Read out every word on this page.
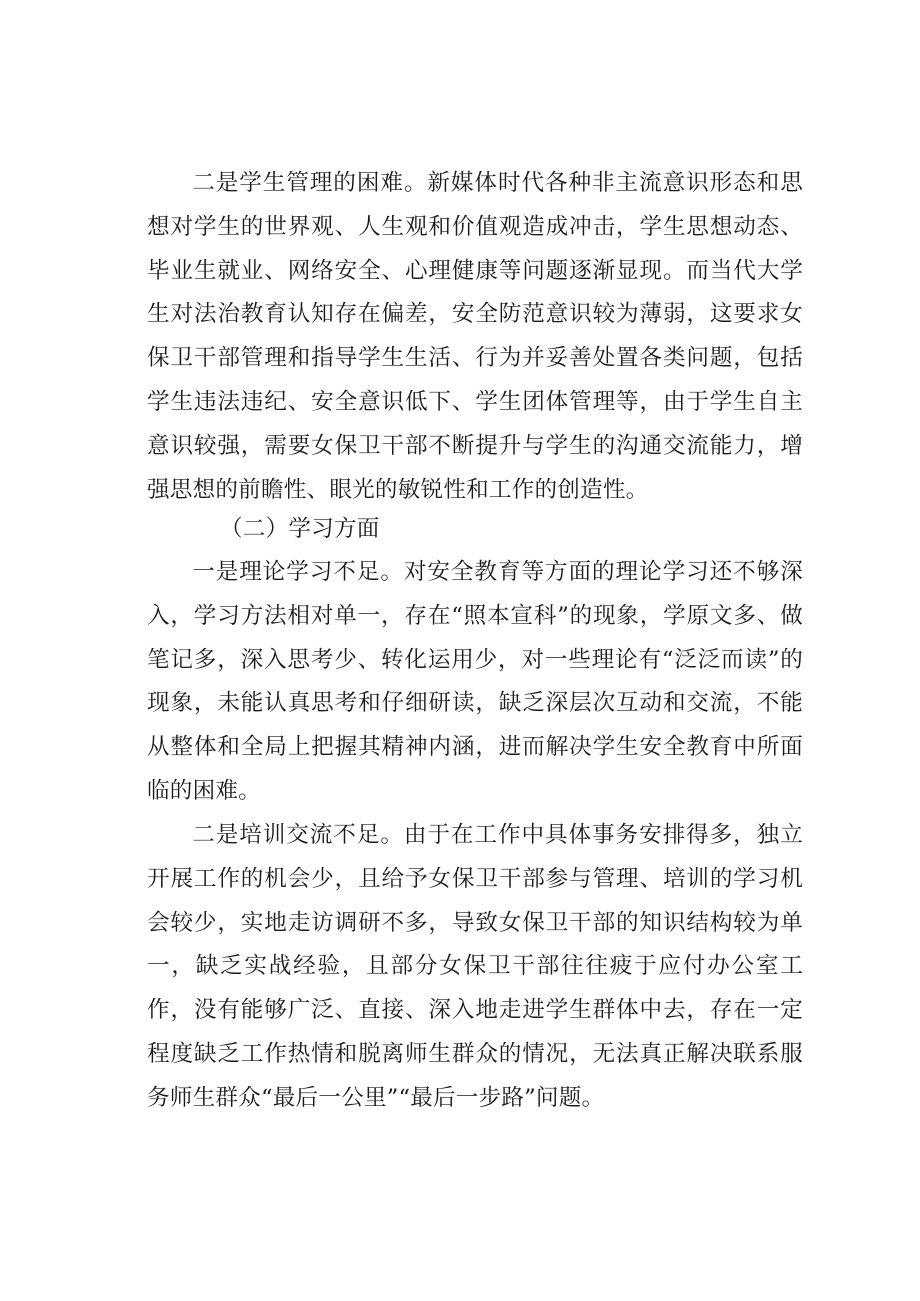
二是学生管理的困难。新媒体时代各种非主流意识形态和思想对学生的世界观、人生观和价值观造成冲击，学生思想动态、毕业生就业、网络安全、心理健康等问题逐渐显现。而当代大学生对法治教育认知存在偏差，安全防范意识较为薄弱，这要求女保卫干部管理和指导学生生活、行为并妥善处置各类问题，包括学生违法违纪、安全意识低下、学生团体管理等，由于学生自主意识较强，需要女保卫干部不断提升与学生的沟通交流能力，增强思想的前瞻性、眼光的敏锐性和工作的创造性。

（二）学习方面

一是理论学习不足。对安全教育等方面的理论学习还不够深入，学习方法相对单一，存在“照本宣科”的现象，学原文多、做笔记多，深入思考少、转化运用少，对一些理论有“泛泛而读”的现象，未能认真思考和仔细研读，缺乏深层次互动和交流，不能从整体和全局上把握其精神内涵，进而解决学生安全教育中所面临的困难。

二是培训交流不足。由于在工作中具体事务安排得多，独立开展工作的机会少，且给予女保卫干部参与管理、培训的学习机会较少，实地走访调研不多，导致女保卫干部的知识结构较为单一，缺乏实战经验，且部分女保卫干部往往疲于应付办公室工作，没有能够广泛、直接、深入地走进学生群体中去，存在一定程度缺乏工作热情和脱离师生群众的情况，无法真正解决联系服务师生群众“最后一公里”“最后一步路”问题。
